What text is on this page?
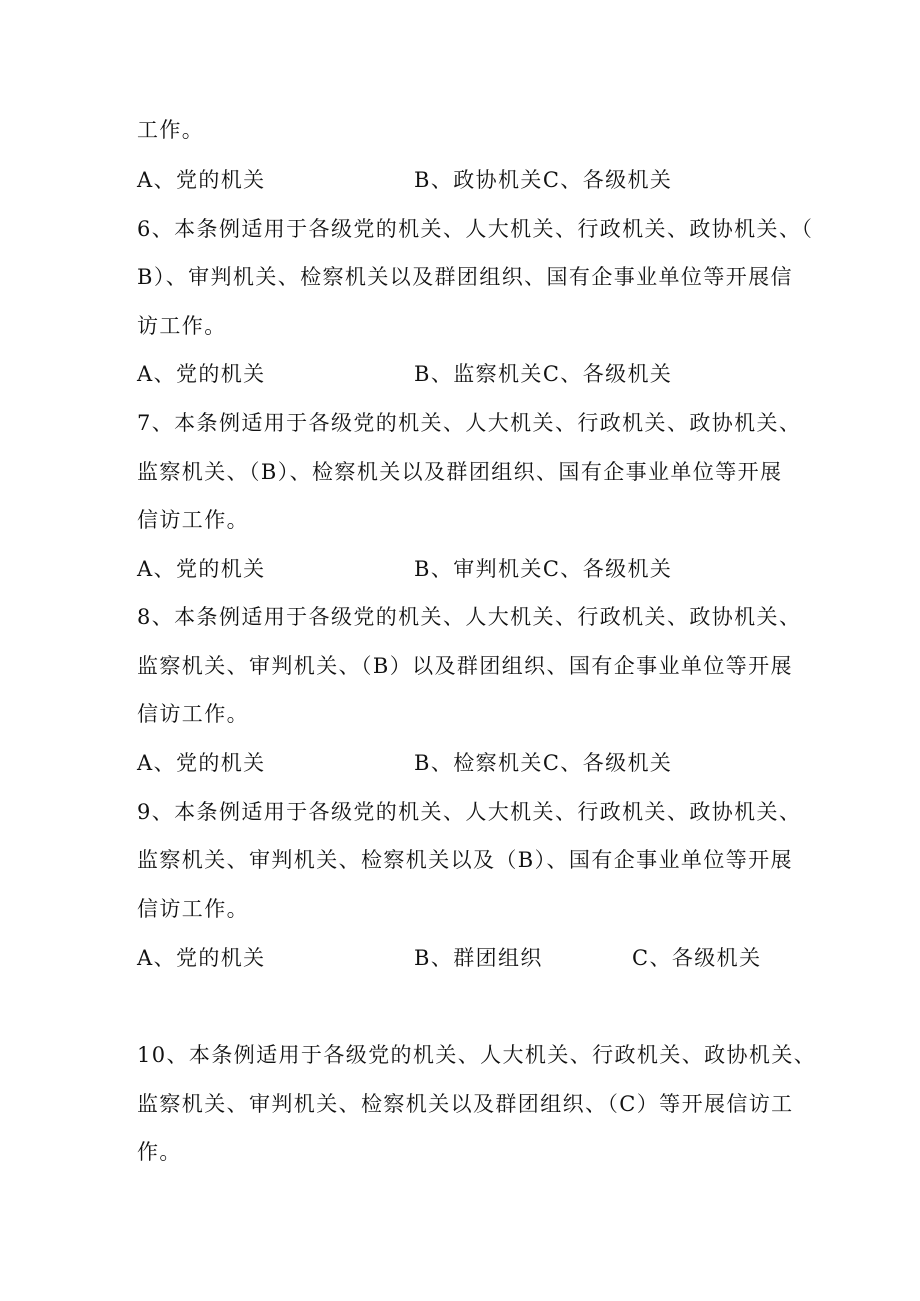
工作。
A、党的机关	B、政协机关C、各级机关
6、本条例适用于各级党的机关、人大机关、行政机关、政协机关、（
B）、审判机关、检察机关以及群团组织、国有企事业单位等开展信
访工作。
A、党的机关	B、监察机关C、各级机关
7、本条例适用于各级党的机关、人大机关、行政机关、政协机关、
监察机关、（B）、检察机关以及群团组织、国有企事业单位等开展
信访工作。
A、党的机关	B、审判机关C、各级机关
8、本条例适用于各级党的机关、人大机关、行政机关、政协机关、
监察机关、审判机关、（B）以及群团组织、国有企事业单位等开展
信访工作。
A、党的机关	B、检察机关C、各级机关
9、本条例适用于各级党的机关、人大机关、行政机关、政协机关、
监察机关、审判机关、检察机关以及（B）、国有企事业单位等开展
信访工作。
A、党的机关	B、群团组织	C、各级机关
10、本条例适用于各级党的机关、人大机关、行政机关、政协机关、
监察机关、审判机关、检察机关以及群团组织、（C）等开展信访工
作。
